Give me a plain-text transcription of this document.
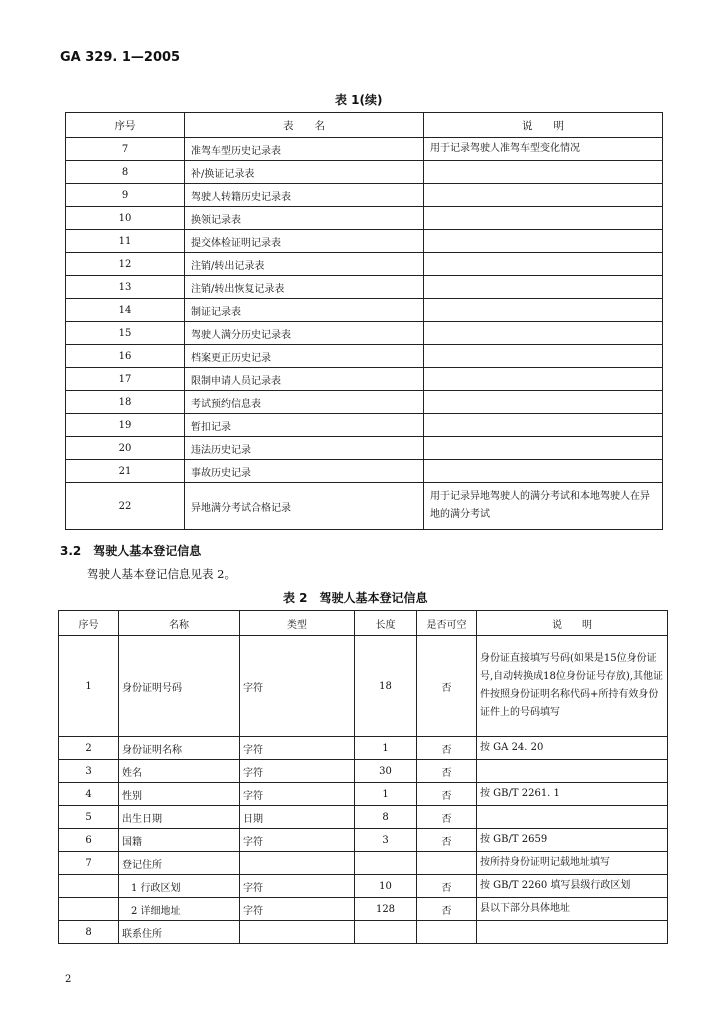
GA 329. 1—2005
表 1(续)
序号	表　　名	说　　明
7	准驾车型历史记录表	用于记录驾驶人准驾车型变化情况
8	补/换证记录表	
9	驾驶人转籍历史记录表	
10	换领记录表	
11	提交体检证明记录表	
12	注销/转出记录表	
13	注销/转出恢复记录表	
14	制证记录表	
15	驾驶人满分历史记录表	
16	档案更正历史记录	
17	限制申请人员记录表	
18	考试预约信息表	
19	暂扣记录	
20	违法历史记录	
21	事故历史记录	
22	异地满分考试合格记录	用于记录异地驾驶人的满分考试和本地驾驶人在异地的满分考试
3.2　驾驶人基本登记信息
驾驶人基本登记信息见表 2。
表 2　驾驶人基本登记信息
序号	名称	类型	长度	是否可空	说　　明
1	身份证明号码	字符	18	否	身份证直接填写号码(如果是15位身份证号,自动转换成18位身份证号存放),其他证件按照身份证明名称代码+所持有效身份证件上的号码填写
2	身份证明名称	字符	1	否	按 GA 24. 20
3	姓名	字符	30	否	
4	性别	字符	1	否	按 GB/T 2261. 1
5	出生日期	日期	8	否	
6	国籍	字符	3	否	按 GB/T 2659
7	登记住所				按所持身份证明记载地址填写
	1 行政区划	字符	10	否	按 GB/T 2260 填写县级行政区划
	2 详细地址	字符	128	否	县以下部分具体地址
8	联系住所				
2
